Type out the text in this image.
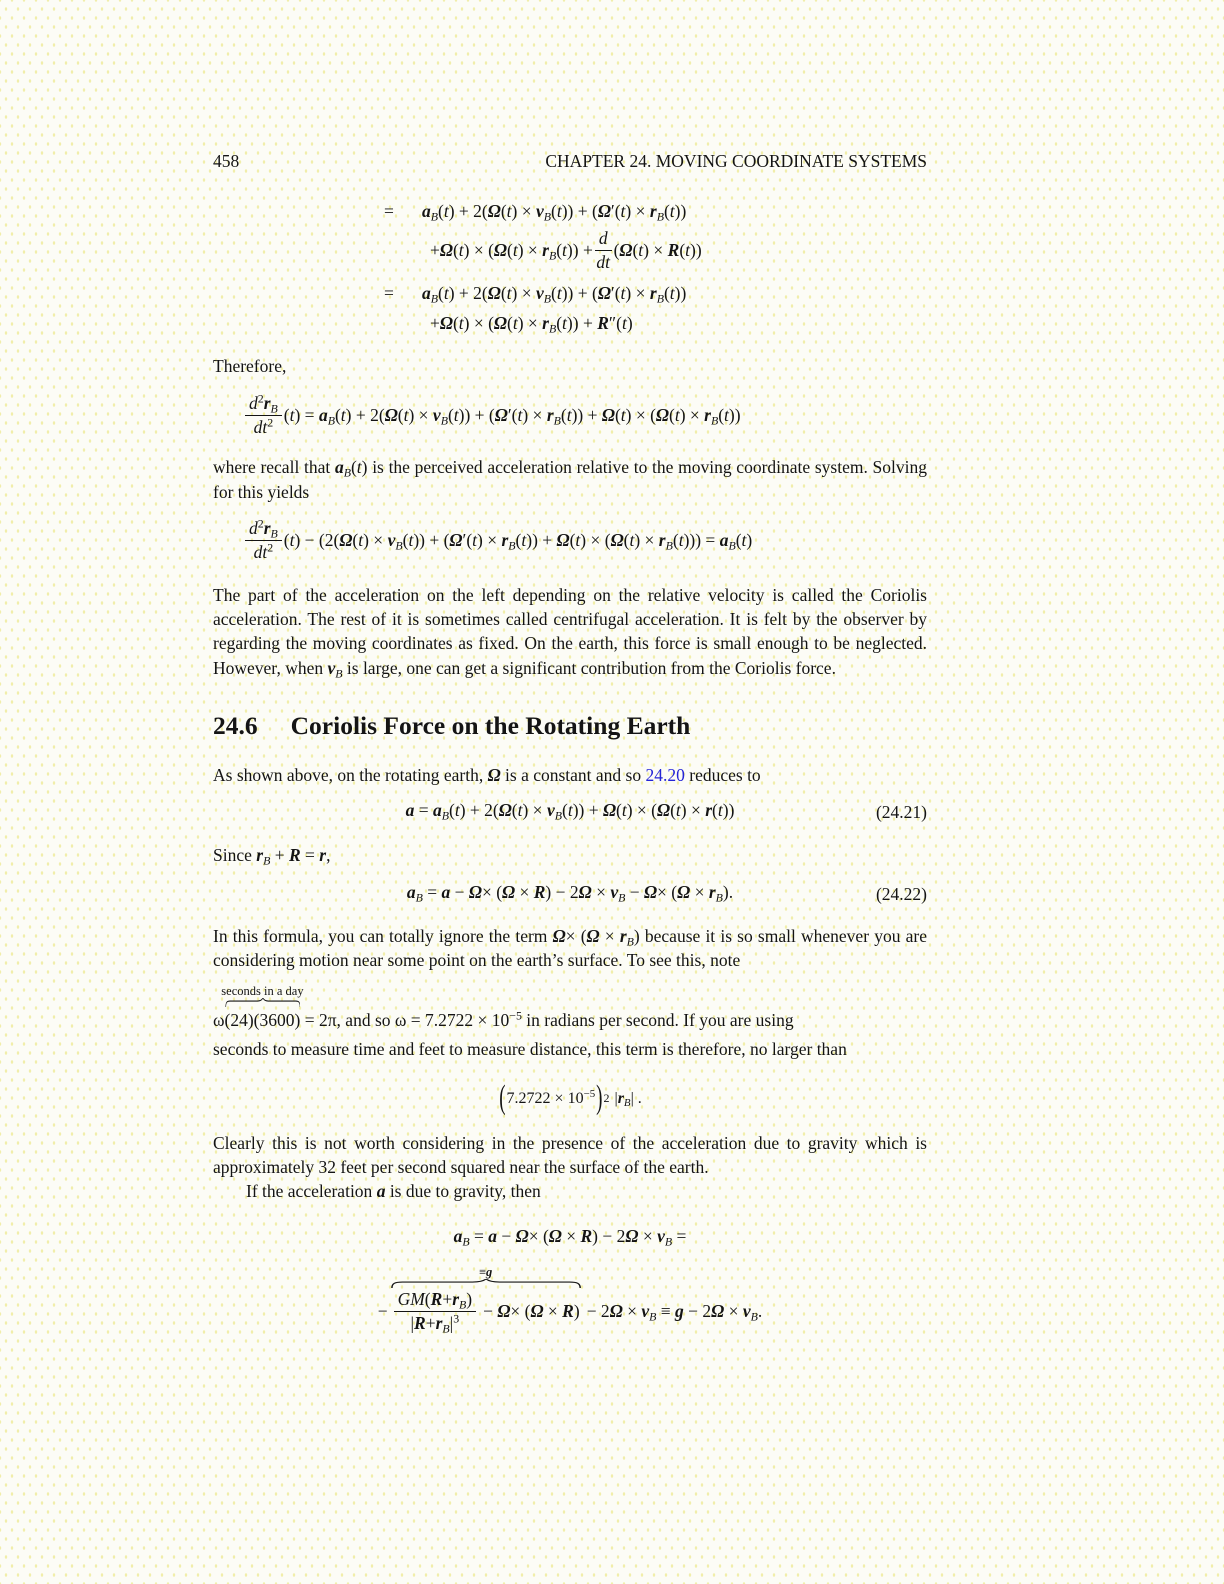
458	CHAPTER 24. MOVING COORDINATE SYSTEMS
=	$a_B(t) + 2(\Omega(t) \times v_B(t)) + (\Omega'(t) \times r_B(t))$
$+\Omega(t) \times (\Omega(t) \times r_B(t)) + \frac{d}{dt} (\Omega(t) \times R(t))$
=	$a_B(t) + 2(\Omega(t) \times v_B(t)) + (\Omega'(t) \times r_B(t))$
$+\Omega(t) \times (\Omega(t) \times r_B(t)) + R''(t)$

Therefore,

$\frac{d^2r_B}{dt^2} (t) = a_B(t) + 2(\Omega(t) \times v_B(t)) + (\Omega'(t) \times r_B(t)) + \Omega(t) \times (\Omega(t) \times r_B(t))$

where recall that $a_B(t)$ is the perceived acceleration relative to the moving coordinate system. Solving for this yields

$\frac{d^2r_B}{dt^2} (t) - (2(\Omega(t) \times v_B(t)) + (\Omega'(t) \times r_B(t)) + \Omega(t) \times (\Omega(t) \times r_B(t))) = a_B(t)$

The part of the acceleration on the left depending on the relative velocity is called the Coriolis acceleration. The rest of it is sometimes called centrifugal acceleration. It is felt by the observer by regarding the moving coordinates as fixed. On the earth, this force is small enough to be neglected. However, when $v_B$ is large, one can get a significant contribution from the Coriolis force.

24.6 Coriolis Force on the Rotating Earth

As shown above, on the rotating earth, Ω is a constant and so 24.20 reduces to

$a = a_B(t) + 2(\Omega(t) \times v_B(t)) + \Omega(t) \times (\Omega(t) \times r(t))$	(24.21)

Since $r_B + R = r$,

$a_B = a - \Omega\times (\Omega \times R) - 2\Omega \times v_B - \Omega\times (\Omega \times r_B)$.	(24.22)

In this formula, you can totally ignore the term $\Omega\times (\Omega \times r_B)$ because it is so small whenever you are considering motion near some point on the earth’s surface. To see this, note

ω
seconds in a day
(24)(3600) = 2π, and so $\omega = 7.2722 \times 10^{-5}$ in radians per second. If you are using

seconds to measure time and feet to measure distance, this term is therefore, no larger than

( $7.2722 \times 10^{-5}$ ) 2 $|r_B|$ .

Clearly this is not worth considering in the presence of the acceleration due to gravity which is approximately 32 feet per second squared near the surface of the earth.

If the acceleration a is due to gravity, then

$a_B = a - \Omega\times (\Omega \times R) - 2\Omega \times v_B$ =
−
≡g
$\frac{GM(R+r_B)}{|R+r_B|^3} - \Omega\times (\Omega \times R) - 2\Omega \times v_B \equiv g - 2\Omega \times v_B$.
